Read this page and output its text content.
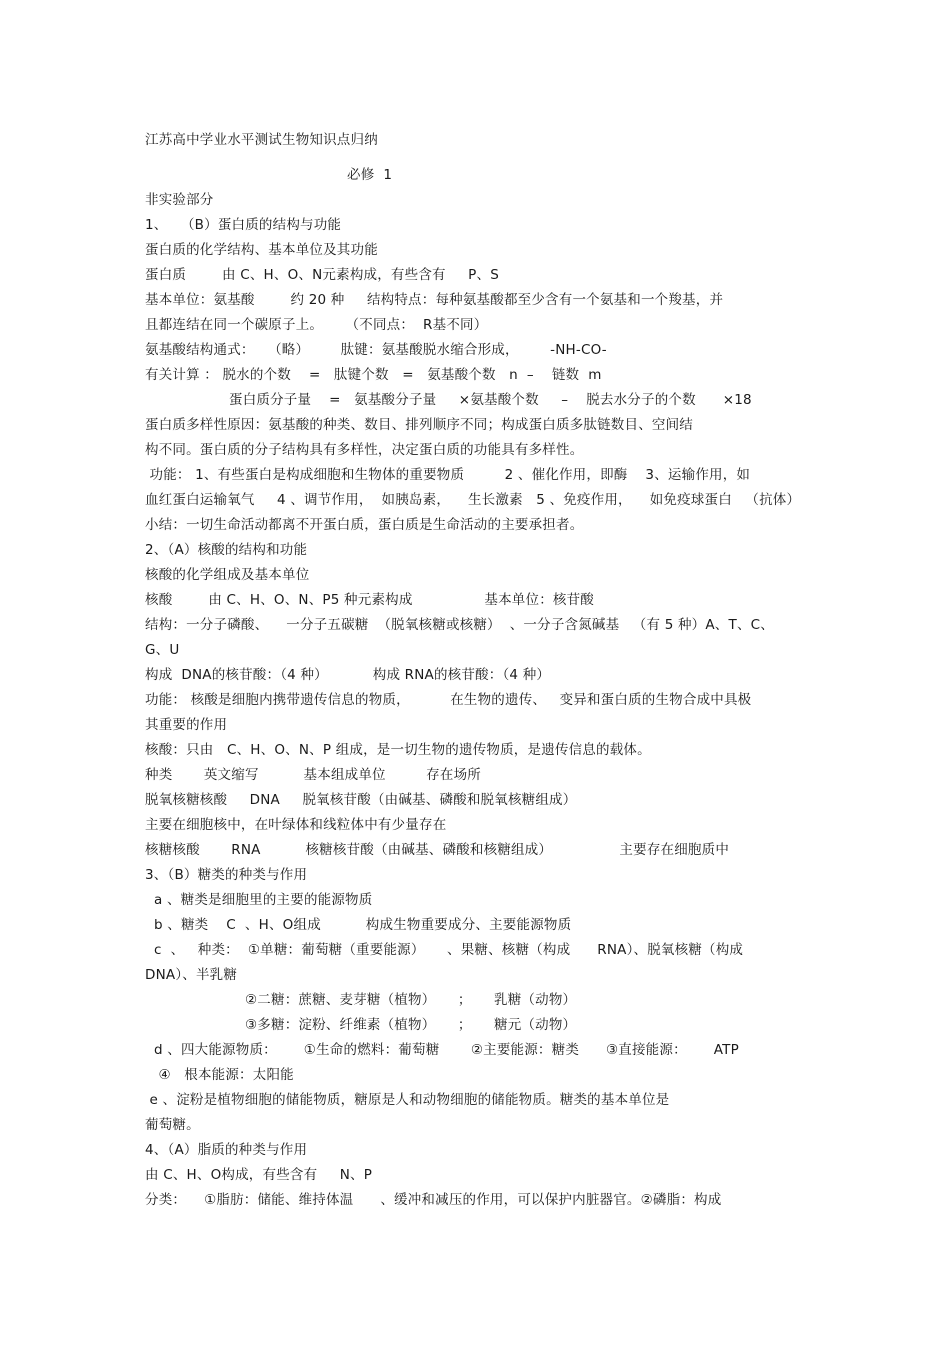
江苏高中学业水平测试生物知识点归纳
必修  1
非实验部分
1、   （B）蛋白质的结构与功能
蛋白质的化学结构、基本单位及其功能
蛋白质        由 C、H、O、N元素构成，有些含有     P、S
基本单位：氨基酸        约 20 种     结构特点：每种氨基酸都至少含有一个氨基和一个羧基，并
且都连结在同一个碳原子上。     （不同点：  R基不同）
氨基酸结构通式：   （略）       肽键：氨基酸脱水缩合形成，       -NH-CO-
有关计算 ： 脱水的个数    =   肽键个数   =   氨基酸个数   n  –    链数  m
蛋白质分子量    =   氨基酸分子量     ×氨基酸个数     –    脱去水分子的个数      ×18
蛋白质多样性原因：氨基酸的种类、数目、排列顺序不同；构成蛋白质多肽链数目、空间结
构不同。蛋白质的分子结构具有多样性，决定蛋白质的功能具有多样性。
功能： 1、有些蛋白是构成细胞和生物体的重要物质         2 、催化作用，即酶    3、运输作用，如
血红蛋白运输氧气     4 、调节作用，  如胰岛素，    生长激素   5 、免疫作用，    如免疫球蛋白   （抗体）
小结：一切生命活动都离不开蛋白质，蛋白质是生命活动的主要承担者。
2、（A）核酸的结构和功能
核酸的化学组成及基本单位
核酸        由 C、H、O、N、P5 种元素构成                基本单位：核苷酸
结构：一分子磷酸、    一分子五碳糖  （脱氧核糖或核糖）  、一分子含氮碱基   （有 5 种）A、T、C、
G、U
构成  DNA的核苷酸：（4 种）          构成 RNA的核苷酸：（4 种）
功能： 核酸是细胞内携带遗传信息的物质，         在生物的遗传、   变异和蛋白质的生物合成中具极
其重要的作用
核酸：只由   C、H、O、N、P 组成，是一切生物的遗传物质，是遗传信息的载体。
种类       英文缩写          基本组成单位         存在场所
脱氧核糖核酸     DNA     脱氧核苷酸（由碱基、磷酸和脱氧核糖组成）
主要在细胞核中，在叶绿体和线粒体中有少量存在
核糖核酸       RNA          核糖核苷酸（由碱基、磷酸和核糖组成）               主要存在细胞质中
3、（B）糖类的种类与作用
a 、糖类是细胞里的主要的能源物质
b 、糖类    C  、H、O组成          构成生物重要成分、主要能源物质
c  、   种类：  ①单糖：葡萄糖（重要能源）     、果糖、核糖（构成      RNA）、脱氧核糖（构成
DNA）、半乳糖
②二糖：蔗糖、麦芽糖（植物）     ；     乳糖（动物）
③多糖：淀粉、纤维素（植物）     ；     糖元（动物）
d 、四大能源物质：      ①生命的燃料：葡萄糖       ②主要能源：糖类      ③直接能源：      ATP
④   根本能源：太阳能
e 、淀粉是植物细胞的储能物质，糖原是人和动物细胞的储能物质。糖类的基本单位是
葡萄糖。
4、（A）脂质的种类与作用
由 C、H、O构成，有些含有     N、P
分类：    ①脂肪：储能、维持体温      、缓冲和减压的作用，可以保护内脏器官。②磷脂：构成
